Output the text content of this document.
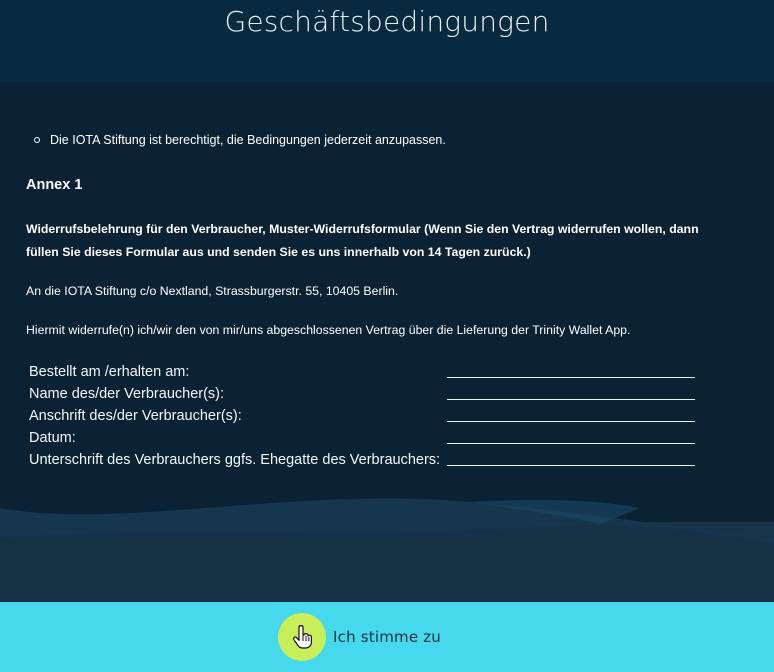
Geschäftsbedingungen
Die IOTA Stiftung ist berechtigt, die Bedingungen jederzeit anzupassen.
Annex 1
Widerrufsbelehrung für den Verbraucher, Muster-Widerrufsformular (Wenn Sie den Vertrag widerrufen wollen, dann füllen Sie dieses Formular aus und senden Sie es uns innerhalb von 14 Tagen zurück.)
An die IOTA Stiftung c/o Nextland, Strassburgerstr. 55, 10405 Berlin.
Hiermit widerrufe(n) ich/wir den von mir/uns abgeschlossenen Vertrag über die Lieferung der Trinity Wallet App.
Bestellt am /erhalten am:
Name des/der Verbraucher(s):
Anschrift des/der Verbraucher(s):
Datum:
Unterschrift des Verbrauchers ggfs. Ehegatte des Verbrauchers:
Ich stimme zu
